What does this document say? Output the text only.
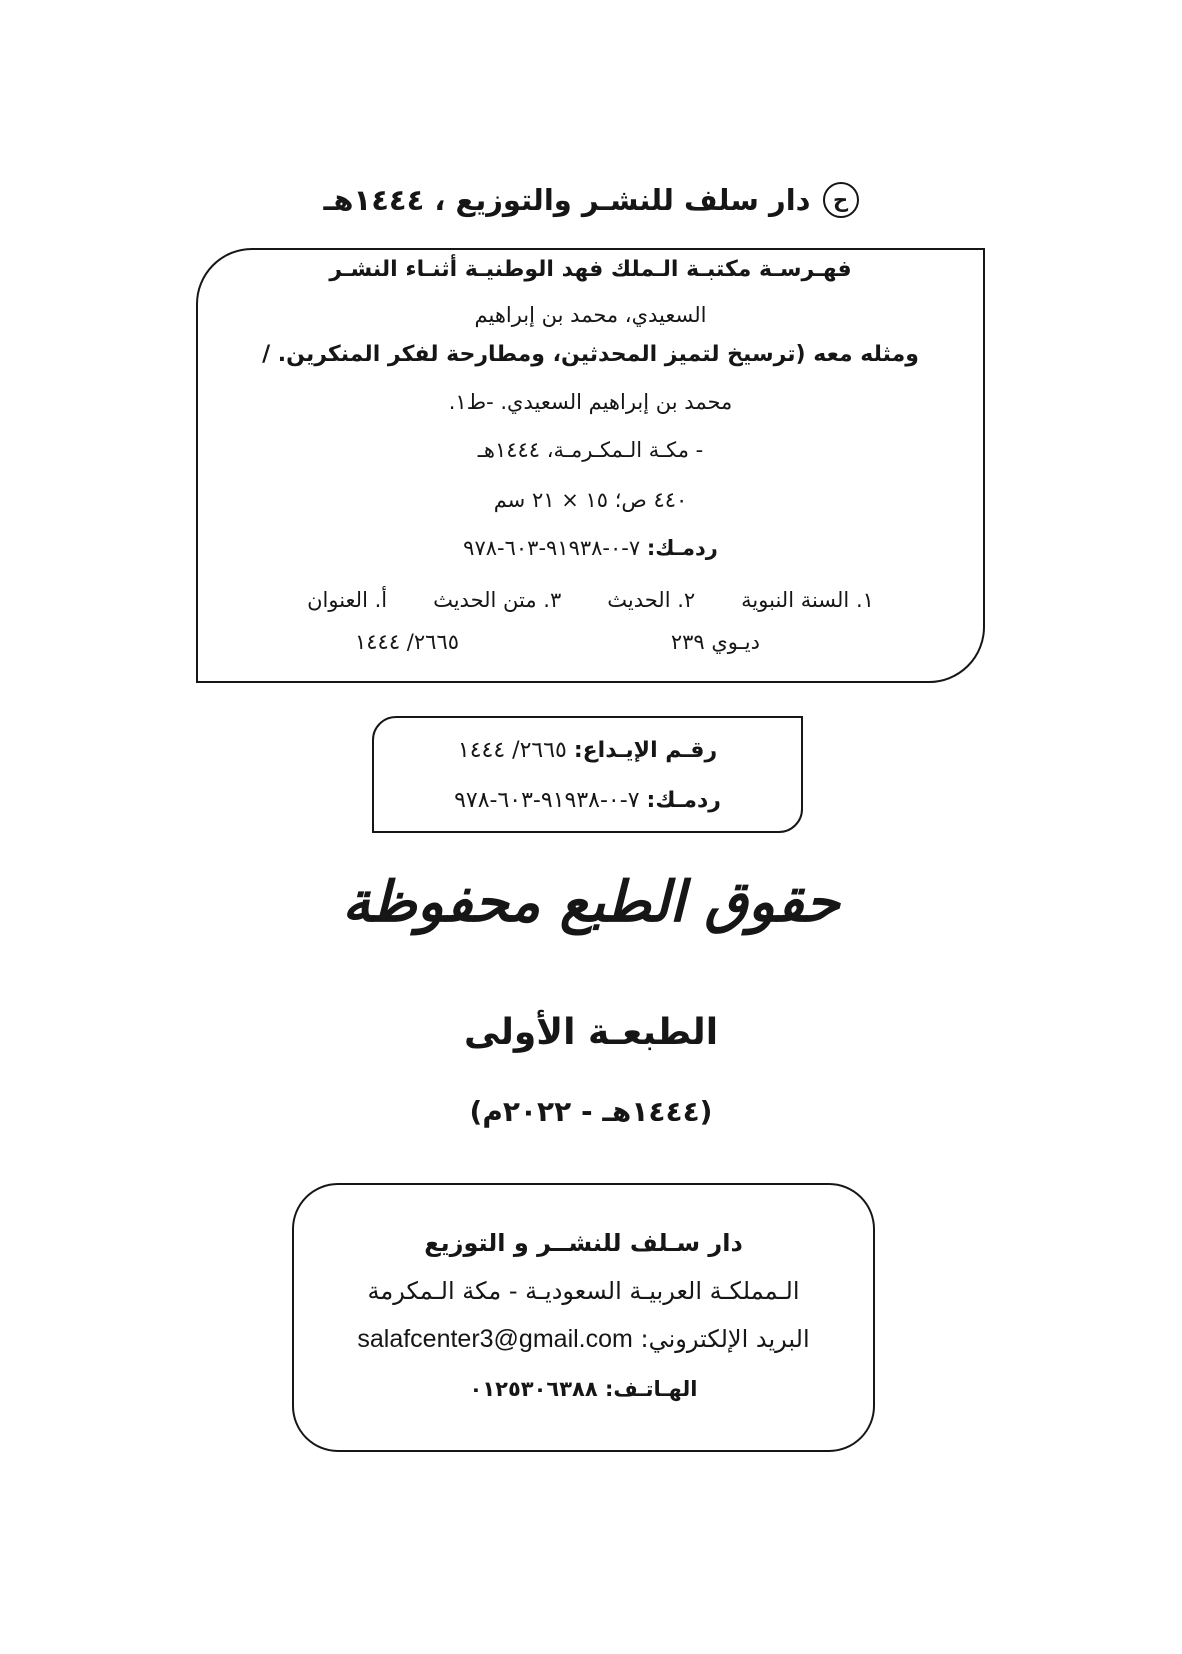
ح
دار سلف للنشـر والتوزيع ، ١٤٤٤هـ
فهـرسـة مكتبـة الـملك فهد الوطنيـة أثنـاء النشـر
السعيدي، محمد بن إبراهيم
ومثله معه (ترسيخ لتميز المحدثين، ومطارحة لفكر المنكرين. /
محمد بن إبراهيم السعيدي. -ط١.
- مكـة الـمكـرمـة، ١٤٤٤هـ
٤٤٠ ص؛ ١٥ × ٢١ سم
ردمـك: ٧-٠-٩١٩٣٨-٦٠٣-٩٧٨
١. السنة النبوية
٢. الحديث
٣. متن الحديث
أ. العنوان
ديـوي ٢٣٩
٢٦٦٥/ ١٤٤٤
رقـم الإيـداع: ٢٦٦٥/ ١٤٤٤
ردمـك: ٧-٠-٩١٩٣٨-٦٠٣-٩٧٨
حقوق الطبع محفوظة
الطبعـة الأولى
(١٤٤٤هـ - ٢٠٢٢م)
دار سـلف للنشــر و التوزيع
الـمملكـة العربيـة السعوديـة - مكة الـمكرمة
البريد الإلكتروني: salafcenter3@gmail.com
الهـاتـف: ٠١٢٥٣٠٦٣٨٨
